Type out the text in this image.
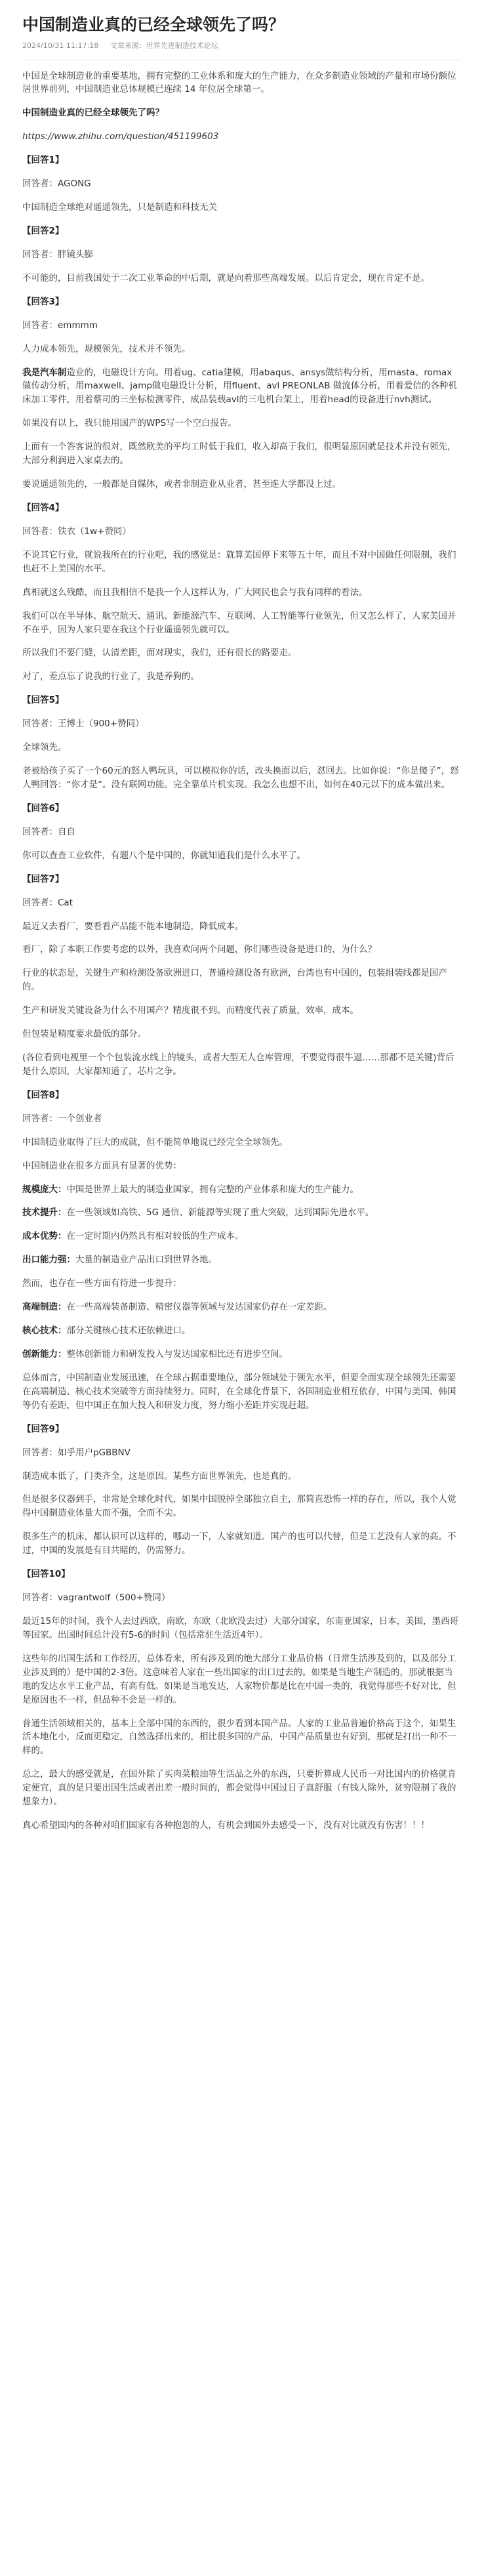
中国制造业真的已经全球领先了吗？
2024/10/31 11:17:18 文章来源：世界先进制造技术论坛

中国是全球制造业的重要基地，拥有完整的工业体系和庞大的生产能力，在众多制造业领域的产量和市场份额位居世界前列，中国制造业总体规模已连续 14 年位居全球第一。

中国制造业真的已经全球领先了吗？

https://www.zhihu.com/question/451199603

【回答1】

回答者：AGONG

中国制造全球绝对遥遥领先，只是制造和科技无关

【回答2】

回答者：胖镜头膨

不可能的，目前我国处于二次工业革命的中后期，就是向着那些高端发展。以后肯定会，现在肯定不是。

【回答3】

回答者：emmmm

人力成本领先，规模领先，技术并不领先。

我是汽车制造业的，电磁设计方向。用着ug、catia建模，用abaqus、ansys做结构分析，用masta、romax做传动分析，用maxwell、jamp做电磁设计分析，用fluent、avl PREONLAB 做流体分析，用着爱信的各种机床加工零件，用着蔡司的三坐标检测零件，成品装载avl的三电机台架上，用着head的设备进行nvh测试。

如果没有以上，我只能用国产的WPS写一个空白报告。

上面有一个答客说的很对，既然欧美的平均工时低于我们，收入却高于我们，很明显原因就是技术并没有领先，大部分利润进入家桌去的。

要说遥遥领先的，一般都是自媒体，或者非制造业从业者，甚至连大学都没上过。

【回答4】

回答者：铁衣（1w+赞同）

不说其它行业，就说我所在的行业吧，我的感觉是：就算美国停下来等五十年，而且不对中国做任何限制，我们也赶不上美国的水平。

真相就这么残酷，而且我相信不是我一个人这样认为，广大网民也会与我有同样的看法。

我们可以在半导体、航空航天、通讯、新能源汽车、互联网、人工智能等行业领先，但又怎么样了，人家美国并不在乎，因为人家只要在我这个行业遥遥领先就可以。

所以我们不要门缝，认清差距，面对现实，我们，还有很长的路要走。

对了，差点忘了说我的行业了，我是养狗的。

【回答5】

回答者：王博士（900+赞同）

全球领先。

老被给孩子买了一个60元的怒人鸭玩具，可以模拟你的话，改头换面以后，怼回去。比如你说：“你是傻子”，怒人鸭回答：“你才是”。没有联网功能。完全靠单片机实现。我怎么也想不出，如何在40元以下的成本做出来。

【回答6】

回答者：自自

你可以查查工业软件，有题八个是中国的，你就知道我们是什么水平了。

【回答7】

回答者：Cat

最近又去看厂，要看看产品能不能本地制造，降低成本。

看厂，除了本职工作要考虑的以外，我喜欢问两个问题，你们哪些设备是进口的，为什么？

行业的状态是，关键生产和检测设备欧洲进口，普通检测设备有欧洲，台湾也有中国的，包装组装线都是国产的。

生产和研发关键设备为什么不用国产？精度很不到。而精度代表了质量，效率，成本。

但包装是精度要求最低的部分。

(各位看到电视里一个个包装流水线上的镜头，或者大型无人仓库管理，不要觉得很牛逼……那都不是关键)背后是什么原因，大家都知道了，芯片之争。

【回答8】

回答者：一个创业者

中国制造业取得了巨大的成就，但不能简单地说已经完全全球领先。

中国制造业在很多方面具有显著的优势：

规模庞大：中国是世界上最大的制造业国家，拥有完整的产业体系和庞大的生产能力。

技术提升：在一些领域如高铁、5G 通信、新能源等实现了重大突破，达到国际先进水平。

成本优势：在一定时期内仍然具有相对较低的生产成本。

出口能力强：大量的制造业产品出口到世界各地。

然而，也存在一些方面有待进一步提升：

高端制造：在一些高端装备制造、精密仪器等领域与发达国家仍存在一定差距。

核心技术：部分关键核心技术还依赖进口。

创新能力：整体创新能力和研发投入与发达国家相比还有进步空间。

总体而言，中国制造业发展迅速，在全球占据重要地位，部分领域处于领先水平，但要全面实现全球领先还需要在高端制造、核心技术突破等方面持续努力。同时，在全球化背景下，各国制造业相互依存，中国与美国、韩国等仍有差距，但中国正在加大投入和研发力度，努力缩小差距并实现赶超。

【回答9】

回答者：如乎用户pGBBNV

制造成本低了，门类齐全，这是原因。某些方面世界领先，也是真的。

但是很多仪器到手，非常是全球化时代，如果中国脱掉全部独立自主，那简直恐怖一样的存在，所以，我个人觉得中国制造业体量大而不强，全而不尖。

很多生产的机床，都认识可以这样的，哪动一下，人家就知道。国产的也可以代替，但是工艺没有人家的高。不过，中国的发展是有目共睹的，仍需努力。

【回答10】

回答者：vagrantwolf（500+赞同）

最近15年的时间，我个人去过西欧，南欧，东欧（北欧没去过）大部分国家，东南亚国家，日本，美国，墨西哥等国家。出国时间总计没有5-6的时间（包括常驻生活近4年）。

这些年的出国生活和工作经历，总体看来，所有涉及到的绝大部分工业品价格（日常生活涉及到的，以及部分工业涉及到的）是中国的2-3倍。这意味着人家在一些出国家的出口过去的。如果是当地生产制造的，那就根据当地的发达水平工业产品，有高有低。如果是当地发达，人家物价都是比在中国一类的，我觉得那些不好对比，但是原因也不一样，但品种不会是一样的。

普通生活领域相关的，基本上全部中国的东西的，很少看到本国产品。人家的工业品普遍价格高于这个，如果生活本地化小，反而更稳定，自然选择出来的，相比很多国的产品，中国产品质量也有好到，那就是打出一种不一样的。

总之，最大的感受就是，在国外除了买肉菜粮油等生活品之外的东西，只要折算成人民币一对比国内的价格就肯定便宜，真的是只要出国生活或者出差一般时间的，都会觉得中国过日子真舒服（有钱人除外，贫穷限制了我的想象力）。

真心希望国内的各种对咱们国家有各种抱怨的人，有机会到国外去感受一下，没有对比就没有伤害！！！
